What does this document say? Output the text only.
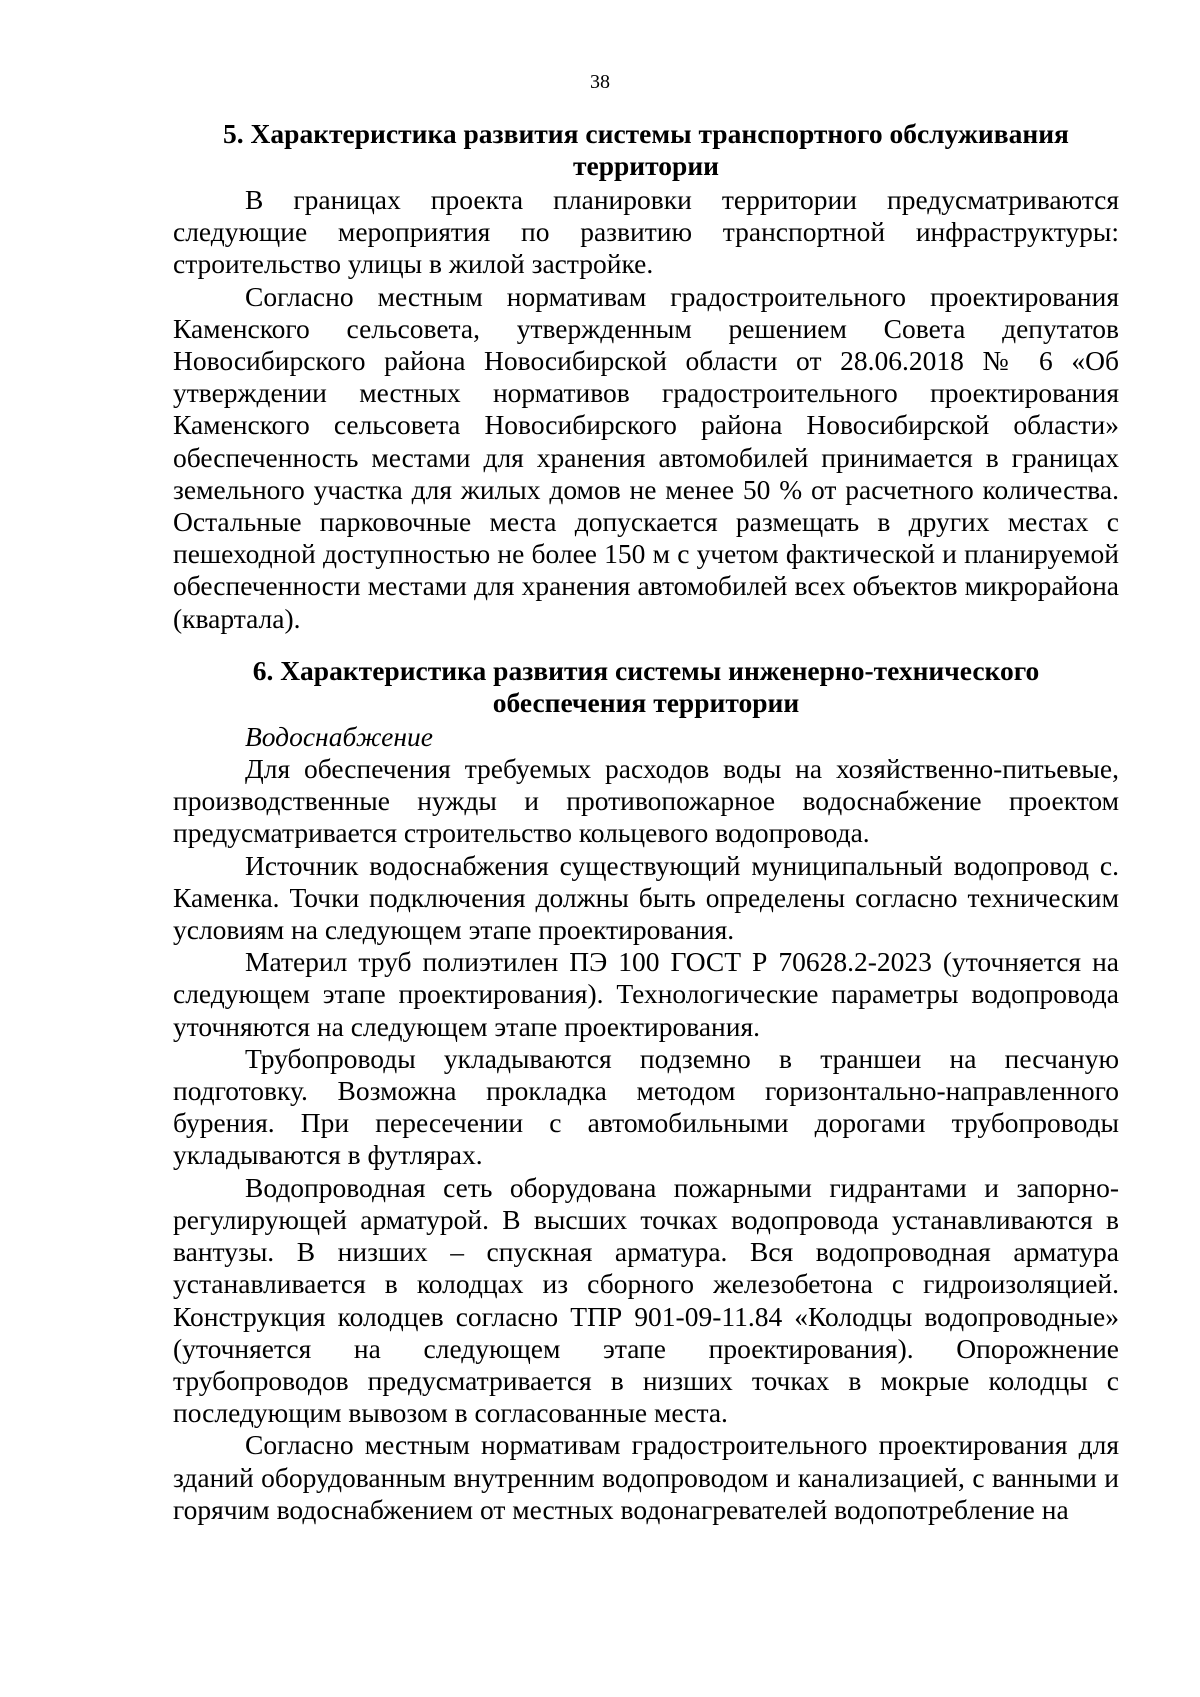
38
5. Характеристика развития системы транспортного обслуживания
территории

В границах проекта планировки территории предусматриваются следующие мероприятия по развитию транспортной инфраструктуры: строительство улицы в жилой застройке.

Согласно местным нормативам градостроительного проектирования Каменского сельсовета, утвержденным решением Совета депутатов Новосибирского района Новосибирской области от 28.06.2018 № 6 «Об утверждении местных нормативов градостроительного проектирования Каменского сельсовета Новосибирского района Новосибирской области» обеспеченность местами для хранения автомобилей принимается в границах земельного участка для жилых домов не менее 50 % от расчетного количества. Остальные парковочные места допускается размещать в других местах с пешеходной доступностью не более 150 м с учетом фактической и планируемой обеспеченности местами для хранения автомобилей всех объектов микрорайона (квартала).

6. Характеристика развития системы инженерно-технического
обеспечения территории

Водоснабжение

Для обеспечения требуемых расходов воды на хозяйственно-питьевые, производственные нужды и противопожарное водоснабжение проектом предусматривается строительство кольцевого водопровода.

Источник водоснабжения существующий муниципальный водопровод с. Каменка. Точки подключения должны быть определены согласно техническим условиям на следующем этапе проектирования.

Материл труб полиэтилен ПЭ 100 ГОСТ Р 70628.2-2023 (уточняется на следующем этапе проектирования). Технологические параметры водопровода уточняются на следующем этапе проектирования.

Трубопроводы укладываются подземно в траншеи на песчаную подготовку. Возможна прокладка методом горизонтально-направленного бурения. При пересечении с автомобильными дорогами трубопроводы укладываются в футлярах.

Водопроводная сеть оборудована пожарными гидрантами и запорно-регулирующей арматурой. В высших точках водопровода устанавливаются в вантузы. В низших – спускная арматура. Вся водопроводная арматура устанавливается в колодцах из сборного железобетона с гидроизоляцией. Конструкция колодцев согласно ТПР 901-09-11.84 «Колодцы водопроводные» (уточняется на следующем этапе проектирования). Опорожнение трубопроводов предусматривается в низших точках в мокрые колодцы с последующим вывозом в согласованные места.

Согласно местным нормативам градостроительного проектирования для зданий оборудованным внутренним водопроводом и канализацией, с ванными и горячим водоснабжением от местных водонагревателей водопотребление на
